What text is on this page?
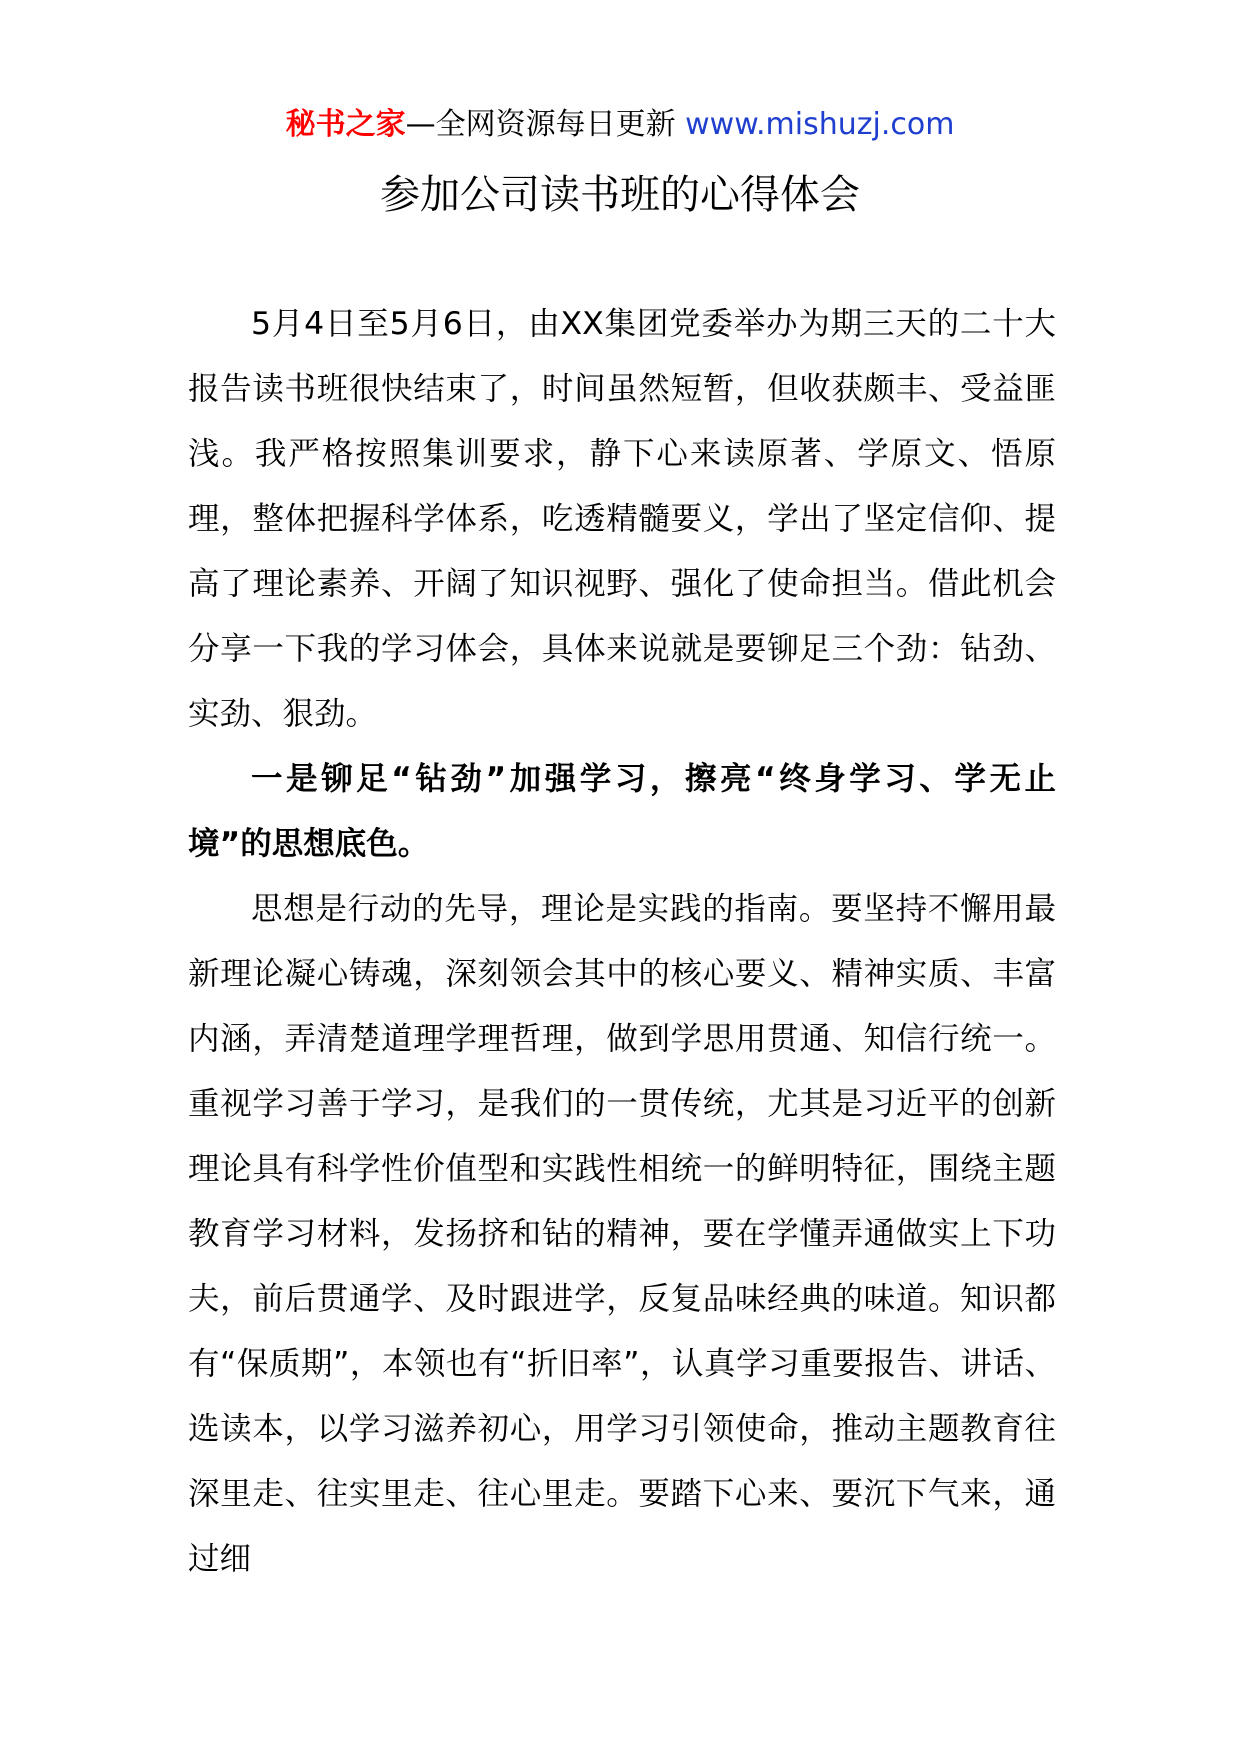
秘书之家—全网资源每日更新 www.mishuzj.com
参加公司读书班的心得体会

5月4日至5月6日，由XX集团党委举办为期三天的二十大报告读书班很快结束了，时间虽然短暂，但收获颇丰、受益匪浅。我严格按照集训要求，静下心来读原著、学原文、悟原理，整体把握科学体系，吃透精髓要义，学出了坚定信仰、提高了理论素养、开阔了知识视野、强化了使命担当。借此机会分享一下我的学习体会，具体来说就是要铆足三个劲：钻劲、实劲、狠劲。

一是铆足“钻劲”加强学习，擦亮“终身学习、学无止境”的思想底色。

思想是行动的先导，理论是实践的指南。要坚持不懈用最新理论凝心铸魂，深刻领会其中的核心要义、精神实质、丰富内涵，弄清楚道理学理哲理，做到学思用贯通、知信行统一。重视学习善于学习，是我们的一贯传统，尤其是习近平的创新理论具有科学性价值型和实践性相统一的鲜明特征，围绕主题教育学习材料，发扬挤和钻的精神，要在学懂弄通做实上下功夫，前后贯通学、及时跟进学，反复品味经典的味道。知识都有“保质期”，本领也有“折旧率”，认真学习重要报告、讲话、选读本，以学习滋养初心，用学习引领使命，推动主题教育往深里走、往实里走、往心里走。要踏下心来、要沉下气来，通过细
